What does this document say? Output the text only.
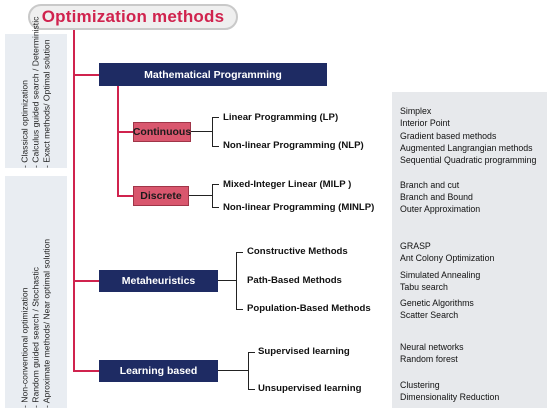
Optimization methods
- Classical optimization - Calculus guided search / Deterministic - Exact methods/ Optimal solution
- Non-conventional optimization - Random guided search / Stochastic - Aproximate methods/ Near optimal solution
Mathematical Programming
Continuous
Discrete
Metaheuristics
Learning based
Linear Programming (LP)
Non-linear Programming (NLP)
Mixed-Integer Linear (MILP )
Non-linear Programming (MINLP)
Constructive Methods
Path-Based Methods
Population-Based Methods
Supervised learning
Unsupervised learning
Simplex
Interior Point
Gradient based methods
Augmented Langrangian methods
Sequential Quadratic programming
Branch and cut
Branch and Bound
Outer Approximation
GRASP
Ant Colony Optimization
Simulated Annealing
Tabu search
Genetic Algorithms
Scatter Search
Neural networks
Random forest
Clustering
Dimensionality Reduction
